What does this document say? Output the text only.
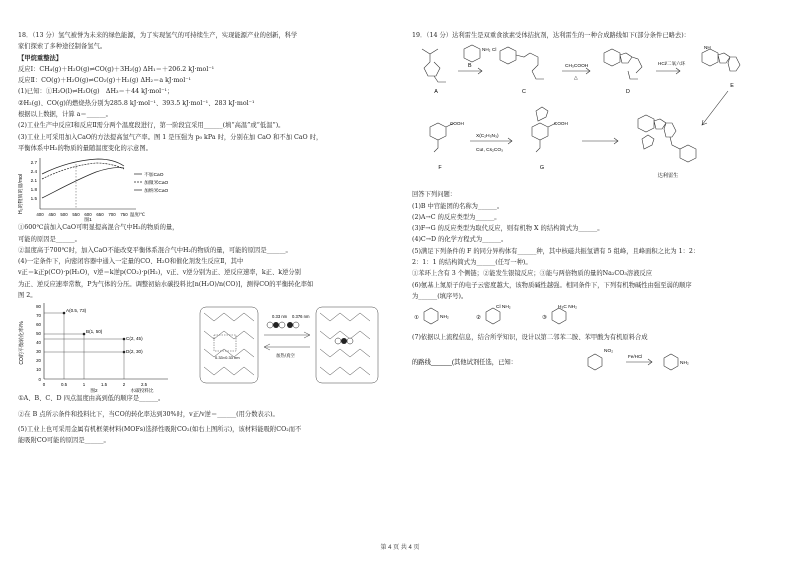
18．（13 分）氢气被誉为未来的绿色能源，为了实现氢气的可持续生产，实现能源产业的创新，科学
家们探索了多种途径制备氢气。
【甲烷重整法】
反应Ⅰ：CH₄(g)＋H₂O(g)⇌CO(g)＋3H₂(g) ΔH₁＝＋206.2 kJ·mol⁻¹
反应Ⅱ：CO(g)＋H₂O(g)⇌CO₂(g)＋H₂(g) ΔH₂＝a kJ·mol⁻¹
(1)已知：①H₂O(l)⇌H₂O(g)　ΔH₃＝＋44 kJ·mol⁻¹；
②H₂(g)、CO(g)的燃烧热分别为285.8 kJ·mol⁻¹、393.5 kJ·mol⁻¹、283 kJ·mol⁻¹
根据以上数据，计算 a＝______。
(2)工业生产中反应Ⅰ和反应Ⅱ需分两个温度段进行，第一阶段宜采用______(填“高温”或“低温”)。
(3)工业上可采用加入CaO的方法提高氢气产率。图 1 是压强为 p₀ kPa 时，分别在加 CaO 和不加 CaO 时，
平衡体系中H₂的物质的量随温度变化的示意图。
H₂的物质的量/mol
2.7
2.4
2.1
1.8
1.5
400 450 500 550 600 650 700 750 温度/℃
不加CaO
加微米CaO
加纳米CaO
图1
①600℃前加入CaO可明显提高混合气中H₂的物质的量，
可能的原因是______。
②温度高于700℃时，加入CaO不能改变平衡体系混合气中H₂的物质的量，可能的原因是______。
(4)一定条件下，向密闭容器中通入一定量的CO、H₂O和催化剂发生反应Ⅱ，其中
v正＝k正p(CO)·p(H₂O)，v逆＝k逆p(CO₂)·p(H₂)，v正、v逆分别为正、逆反应速率，k正、k逆分别
为正、逆反应速率常数，P为气体的分压。调整初始水碳投料比[n(H₂O)/n(CO)]，测得CO的平衡转化率如
图 2。
CO的平衡转化率/%
80
70
60
50
40
30
20
10
0
0	0.5	1	1.5	2	2.5
水碳投料比
图2
A(0.5, 73)
B(1, 50)
C(2, 45)
D(2, 30)
0.33 nm 0.376 nm
加热/真空
0.33×0.33 nm
①A、B、C、D 四点温度由高到低的顺序是______。
②在 B 点所示条件和投料比下，当CO的转化率达到30%时，v正/v逆＝______(用分数表示)。
(5)工业上也可采用金属有机框架材料(MOFs)选择性吸附CO₂(如右上图所示)，该材料能吸附CO₂而不
能吸附CO可能的原因是______。
19．（14 分）达利雷生是双重食欲素受体拮抗剂，达利雷生的一种合成路线如下(部分条件已略去)：
A
B
C	D
E
F	G
达利雷生
CH₃COOH
△
HCl/二氧六环
X(C₂H₃N₃)
CuI, Cs₂CO₃
COOH	COOH
Cl
NH₂	NH
回答下列问题：
(1)B 中官能团的名称为______。
(2)A→C 的反应类型为______。
(3)F→G 的反应类型为取代反应，则有机物 X 的结构简式为______。
(4)C→D 的化学方程式为______。
(5)满足下列条件的 F 的同分异构体有______种，其中核磁共振氢谱有 5 组峰，且峰面积之比为 1：2：
2：1：1 的结构简式为______(任写一种)。
①苯环上含有 3 个侧链；②能发生银镜反应；③能与两倍物质的量的Na₂CO₃溶液反应
(6)氨基上氮原子的电子云密度越大，该物质碱性越强。相同条件下，下列有机物碱性由强至弱的顺序
为______(填序号)。
①	NH₂	②
Cl NH₂
③
H₃C NH₂
(7)依据以上流程信息，结合所学知识，设计以第二邻苯二胺、苯甲酸为有机原料合成
的路线______(其他试剂任选，已知：
NO₂
Fe/HCl
NH₂
第 4 页 共 4 页
